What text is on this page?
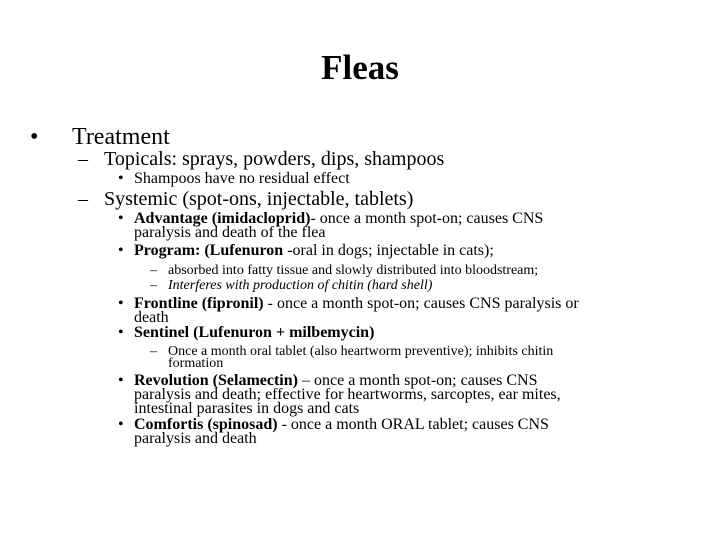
Fleas
• Treatment
– Topicals: sprays, powders, dips, shampoos
• Shampoos have no residual effect
– Systemic (spot-ons, injectable, tablets)
• Advantage (imidacloprid)- once a month spot-on; causes CNS
paralysis and death of the flea
• Program: (Lufenuron -oral in dogs; injectable in cats);
– absorbed into fatty tissue and slowly distributed into bloodstream;
– Interferes with production of chitin (hard shell)
• Frontline (fipronil) - once a month spot-on; causes CNS paralysis or
death
• Sentinel (Lufenuron + milbemycin)
– Once a month oral tablet (also heartworm preventive); inhibits chitin
formation
• Revolution (Selamectin) – once a month spot-on; causes CNS
paralysis and death; effective for heartworms, sarcoptes, ear mites,
intestinal parasites in dogs and cats
• Comfortis (spinosad) - once a month ORAL tablet; causes CNS
paralysis and death
